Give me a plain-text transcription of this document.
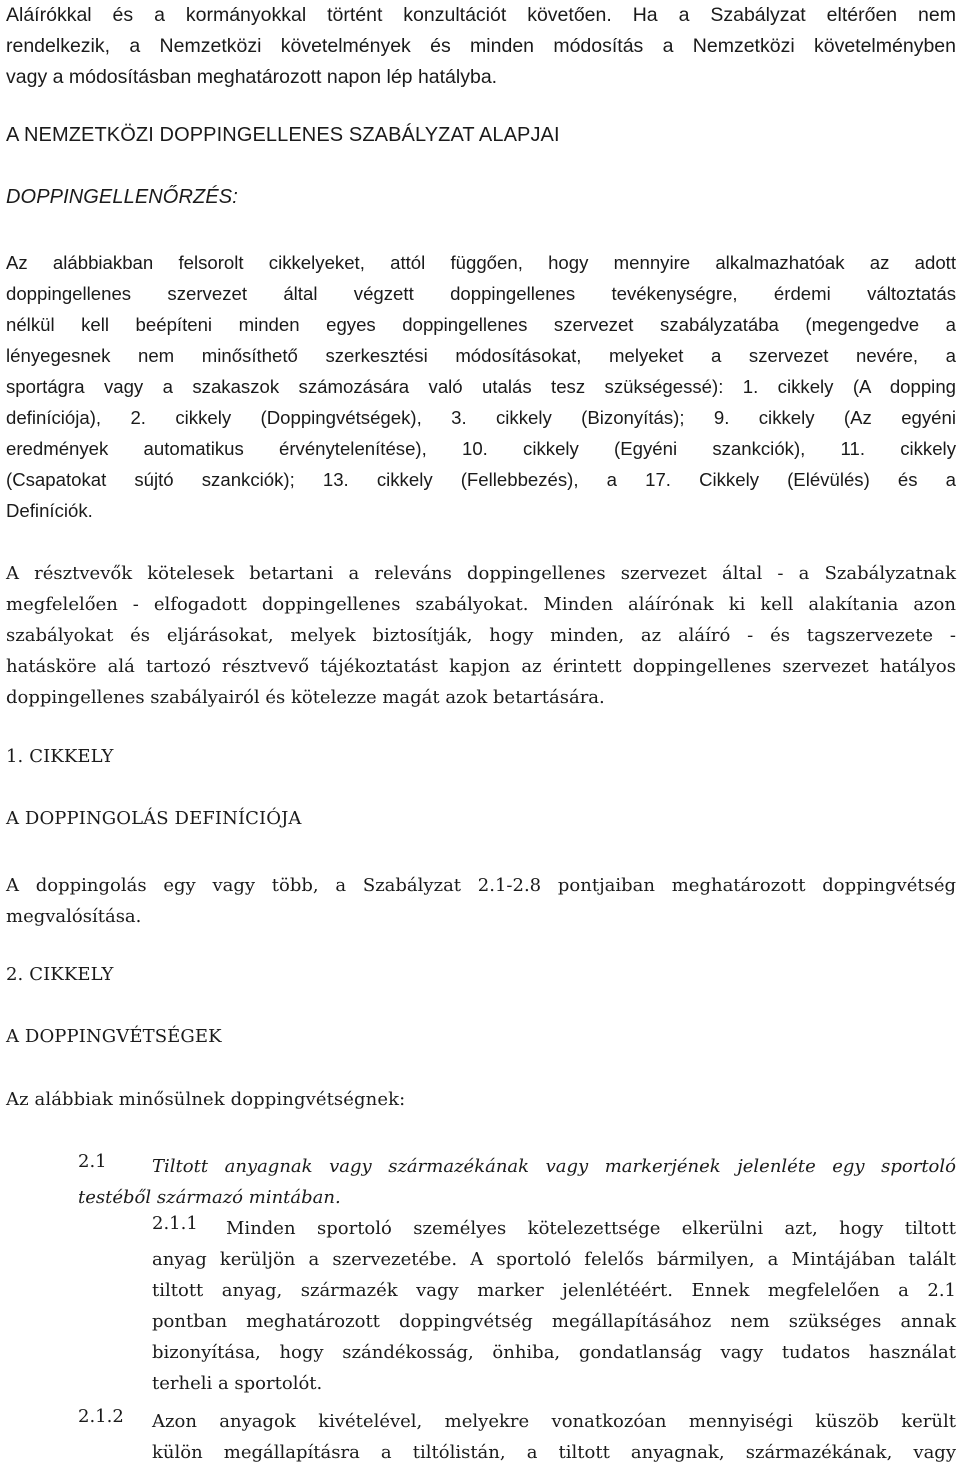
Aláírókkal és a kormányokkal történt konzultációt követően. Ha a Szabályzat eltérően nem
rendelkezik, a Nemzetközi követelmények és minden módosítás a Nemzetközi követelményben
vagy a módosításban meghatározott napon lép hatályba.
A NEMZETKÖZI DOPPINGELLENES SZABÁLYZAT ALAPJAI
DOPPINGELLENŐRZÉS:
Az alábbiakban felsorolt cikkelyeket, attól függően, hogy mennyire alkalmazhatóak az adott
doppingellenes szervezet által végzett doppingellenes tevékenységre, érdemi változtatás
nélkül kell beépíteni minden egyes doppingellenes szervezet szabályzatába (megengedve a
lényegesnek nem minősíthető szerkesztési módosításokat, melyeket a szervezet nevére, a
sportágra vagy a szakaszok számozására való utalás tesz szükségessé): 1. cikkely (A dopping
definíciója), 2. cikkely (Doppingvétségek), 3. cikkely (Bizonyítás); 9. cikkely (Az egyéni
eredmények automatikus érvénytelenítése), 10. cikkely (Egyéni szankciók), 11. cikkely
(Csapatokat sújtó szankciók); 13. cikkely (Fellebbezés), a 17. Cikkely (Elévülés) és a
Definíciók.
A résztvevők kötelesek betartani a releváns doppingellenes szervezet által - a Szabályzatnak
megfelelően - elfogadott doppingellenes szabályokat. Minden aláírónak ki kell alakítania azon
szabályokat és eljárásokat, melyek biztosítják, hogy minden, az aláíró - és tagszervezete -
hatásköre alá tartozó résztvevő tájékoztatást kapjon az érintett doppingellenes szervezet hatályos
doppingellenes szabályairól és kötelezze magát azok betartására.
1. CIKKELY
A DOPPINGOLÁS DEFINÍCIÓJA
A doppingolás egy vagy több, a Szabályzat 2.1-2.8 pontjaiban meghatározott doppingvétség
megvalósítása.
2. CIKKELY
A DOPPINGVÉTSÉGEK
Az alábbiak minősülnek doppingvétségnek:
2.1	Tiltott anyagnak vagy származékának vagy markerjének jelenléte egy sportoló
testéből származó mintában.
2.1.1 Minden sportoló személyes kötelezettsége elkerülni azt, hogy tiltott
anyag kerüljön a szervezetébe. A sportoló felelős bármilyen, a Mintájában talált
tiltott anyag, származék vagy marker jelenlétéért. Ennek megfelelően a 2.1
pontban meghatározott doppingvétség megállapításához nem szükséges annak
bizonyítása, hogy szándékosság, önhiba, gondatlanság vagy tudatos használat
terheli a sportolót.
2.1.2 Azon anyagok kivételével, melyekre vonatkozóan mennyiségi küszöb került
külön megállapításra a tiltólistán, a tiltott anyagnak, származékának, vagy
